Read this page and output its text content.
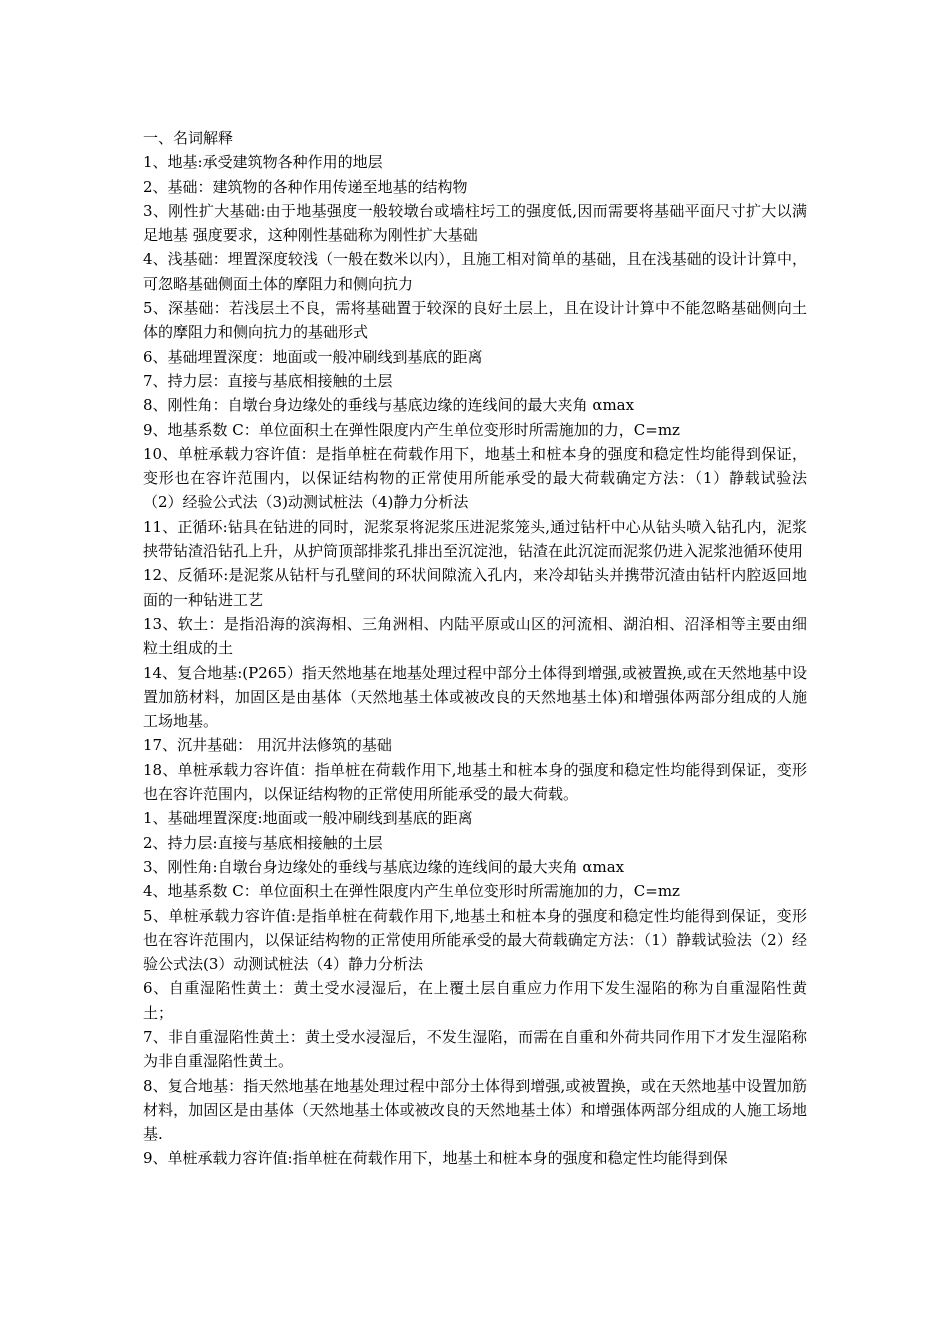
一、名词解释

1、地基:承受建筑物各种作用的地层

2、基础：建筑物的各种作用传递至地基的结构物

3、刚性扩大基础:由于地基强度一般较墩台或墙柱圬工的强度低,因而需要将基础平面尺寸扩大以满足地基 强度要求，这种刚性基础称为刚性扩大基础

4、浅基础：埋置深度较浅（一般在数米以内），且施工相对简单的基础，且在浅基础的设计计算中，可忽略基础侧面土体的摩阻力和侧向抗力

5、深基础：若浅层土不良，需将基础置于较深的良好土层上，且在设计计算中不能忽略基础侧向土体的摩阻力和侧向抗力的基础形式

6、基础埋置深度：地面或一般冲刷线到基底的距离

7、持力层：直接与基底相接触的土层

8、刚性角：自墩台身边缘处的垂线与基底边缘的连线间的最大夹角 αmax

9、地基系数 C：单位面积土在弹性限度内产生单位变形时所需施加的力，C=mz

10、单桩承载力容许值：是指单桩在荷载作用下，地基土和桩本身的强度和稳定性均能得到保证，变形也在容许范围内，以保证结构物的正常使用所能承受的最大荷载确定方法：（1）静载试验法（2）经验公式法（3)动测试桩法（4)静力分析法

11、正循环:钻具在钻进的同时，泥浆泵将泥浆压进泥浆笼头,通过钻杆中心从钻头喷入钻孔内，泥浆挟带钻渣沿钻孔上升，从护筒顶部排浆孔排出至沉淀池，钻渣在此沉淀而泥浆仍进入泥浆池循环使用

12、反循环:是泥浆从钻杆与孔壁间的环状间隙流入孔内，来冷却钻头并携带沉渣由钻杆内腔返回地面的一种钻进工艺

13、软土：是指沿海的滨海相、三角洲相、内陆平原或山区的河流相、湖泊相、沼泽相等主要由细粒土组成的土

14、复合地基:(P265）指天然地基在地基处理过程中部分土体得到增强,或被置换,或在天然地基中设置加筋材料，加固区是由基体（天然地基土体或被改良的天然地基土体)和增强体两部分组成的人施工场地基。

17、沉井基础： 用沉井法修筑的基础

18、单桩承载力容许值：指单桩在荷载作用下,地基土和桩本身的强度和稳定性均能得到保证，变形也在容许范围内，以保证结构物的正常使用所能承受的最大荷载。

1、基础埋置深度:地面或一般冲刷线到基底的距离

2、持力层:直接与基底相接触的土层

3、刚性角:自墩台身边缘处的垂线与基底边缘的连线间的最大夹角 αmax

4、地基系数 C：单位面积土在弹性限度内产生单位变形时所需施加的力，C=mz

5、单桩承载力容许值:是指单桩在荷载作用下,地基土和桩本身的强度和稳定性均能得到保证，变形也在容许范围内，以保证结构物的正常使用所能承受的最大荷载确定方法：（1）静载试验法（2）经验公式法(3）动测试桩法（4）静力分析法

6、自重湿陷性黄土：黄土受水浸湿后，在上覆土层自重应力作用下发生湿陷的称为自重湿陷性黄土；

7、非自重湿陷性黄土：黄土受水浸湿后，不发生湿陷，而需在自重和外荷共同作用下才发生湿陷称为非自重湿陷性黄土。

8、复合地基：指天然地基在地基处理过程中部分土体得到增强,或被置换，或在天然地基中设置加筋材料，加固区是由基体（天然地基土体或被改良的天然地基土体）和增强体两部分组成的人施工场地基.

9、单桩承载力容许值:指单桩在荷载作用下，地基土和桩本身的强度和稳定性均能得到保
